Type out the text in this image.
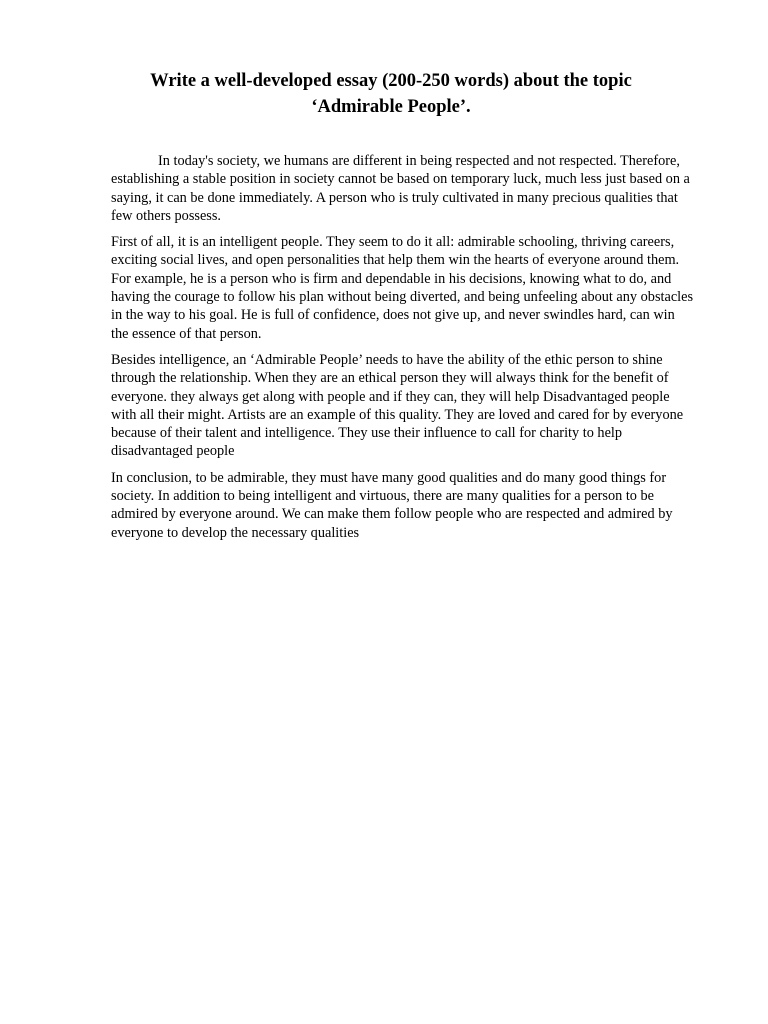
Write a well-developed essay (200-250 words) about the topic
‘Admirable People’.

In today's society, we humans are different in being respected and not respected. Therefore, establishing a stable position in society cannot be based on temporary luck, much less just based on a saying, it can be done immediately. A person who is truly cultivated in many precious qualities that few others possess.

First of all, it is an intelligent people. They seem to do it all: admirable schooling, thriving careers, exciting social lives, and open personalities that help them win the hearts of everyone around them. For example, he is a person who is firm and dependable in his decisions, knowing what to do, and having the courage to follow his plan without being diverted, and being unfeeling about any obstacles in the way to his goal. He is full of confidence, does not give up, and never swindles hard, can win the essence of that person.

Besides intelligence, an ‘Admirable People’ needs to have the ability of the ethic person to shine through the relationship. When they are an ethical person they will always think for the benefit of everyone. they always get along with people and if they can, they will help Disadvantaged people with all their might. Artists are an example of this quality. They are loved and cared for by everyone because of their talent and intelligence. They use their influence to call for charity to help disadvantaged people

In conclusion, to be admirable, they must have many good qualities and do many good things for society. In addition to being intelligent and virtuous, there are many qualities for a person to be admired by everyone around. We can make them follow people who are respected and admired by everyone to develop the necessary qualities
